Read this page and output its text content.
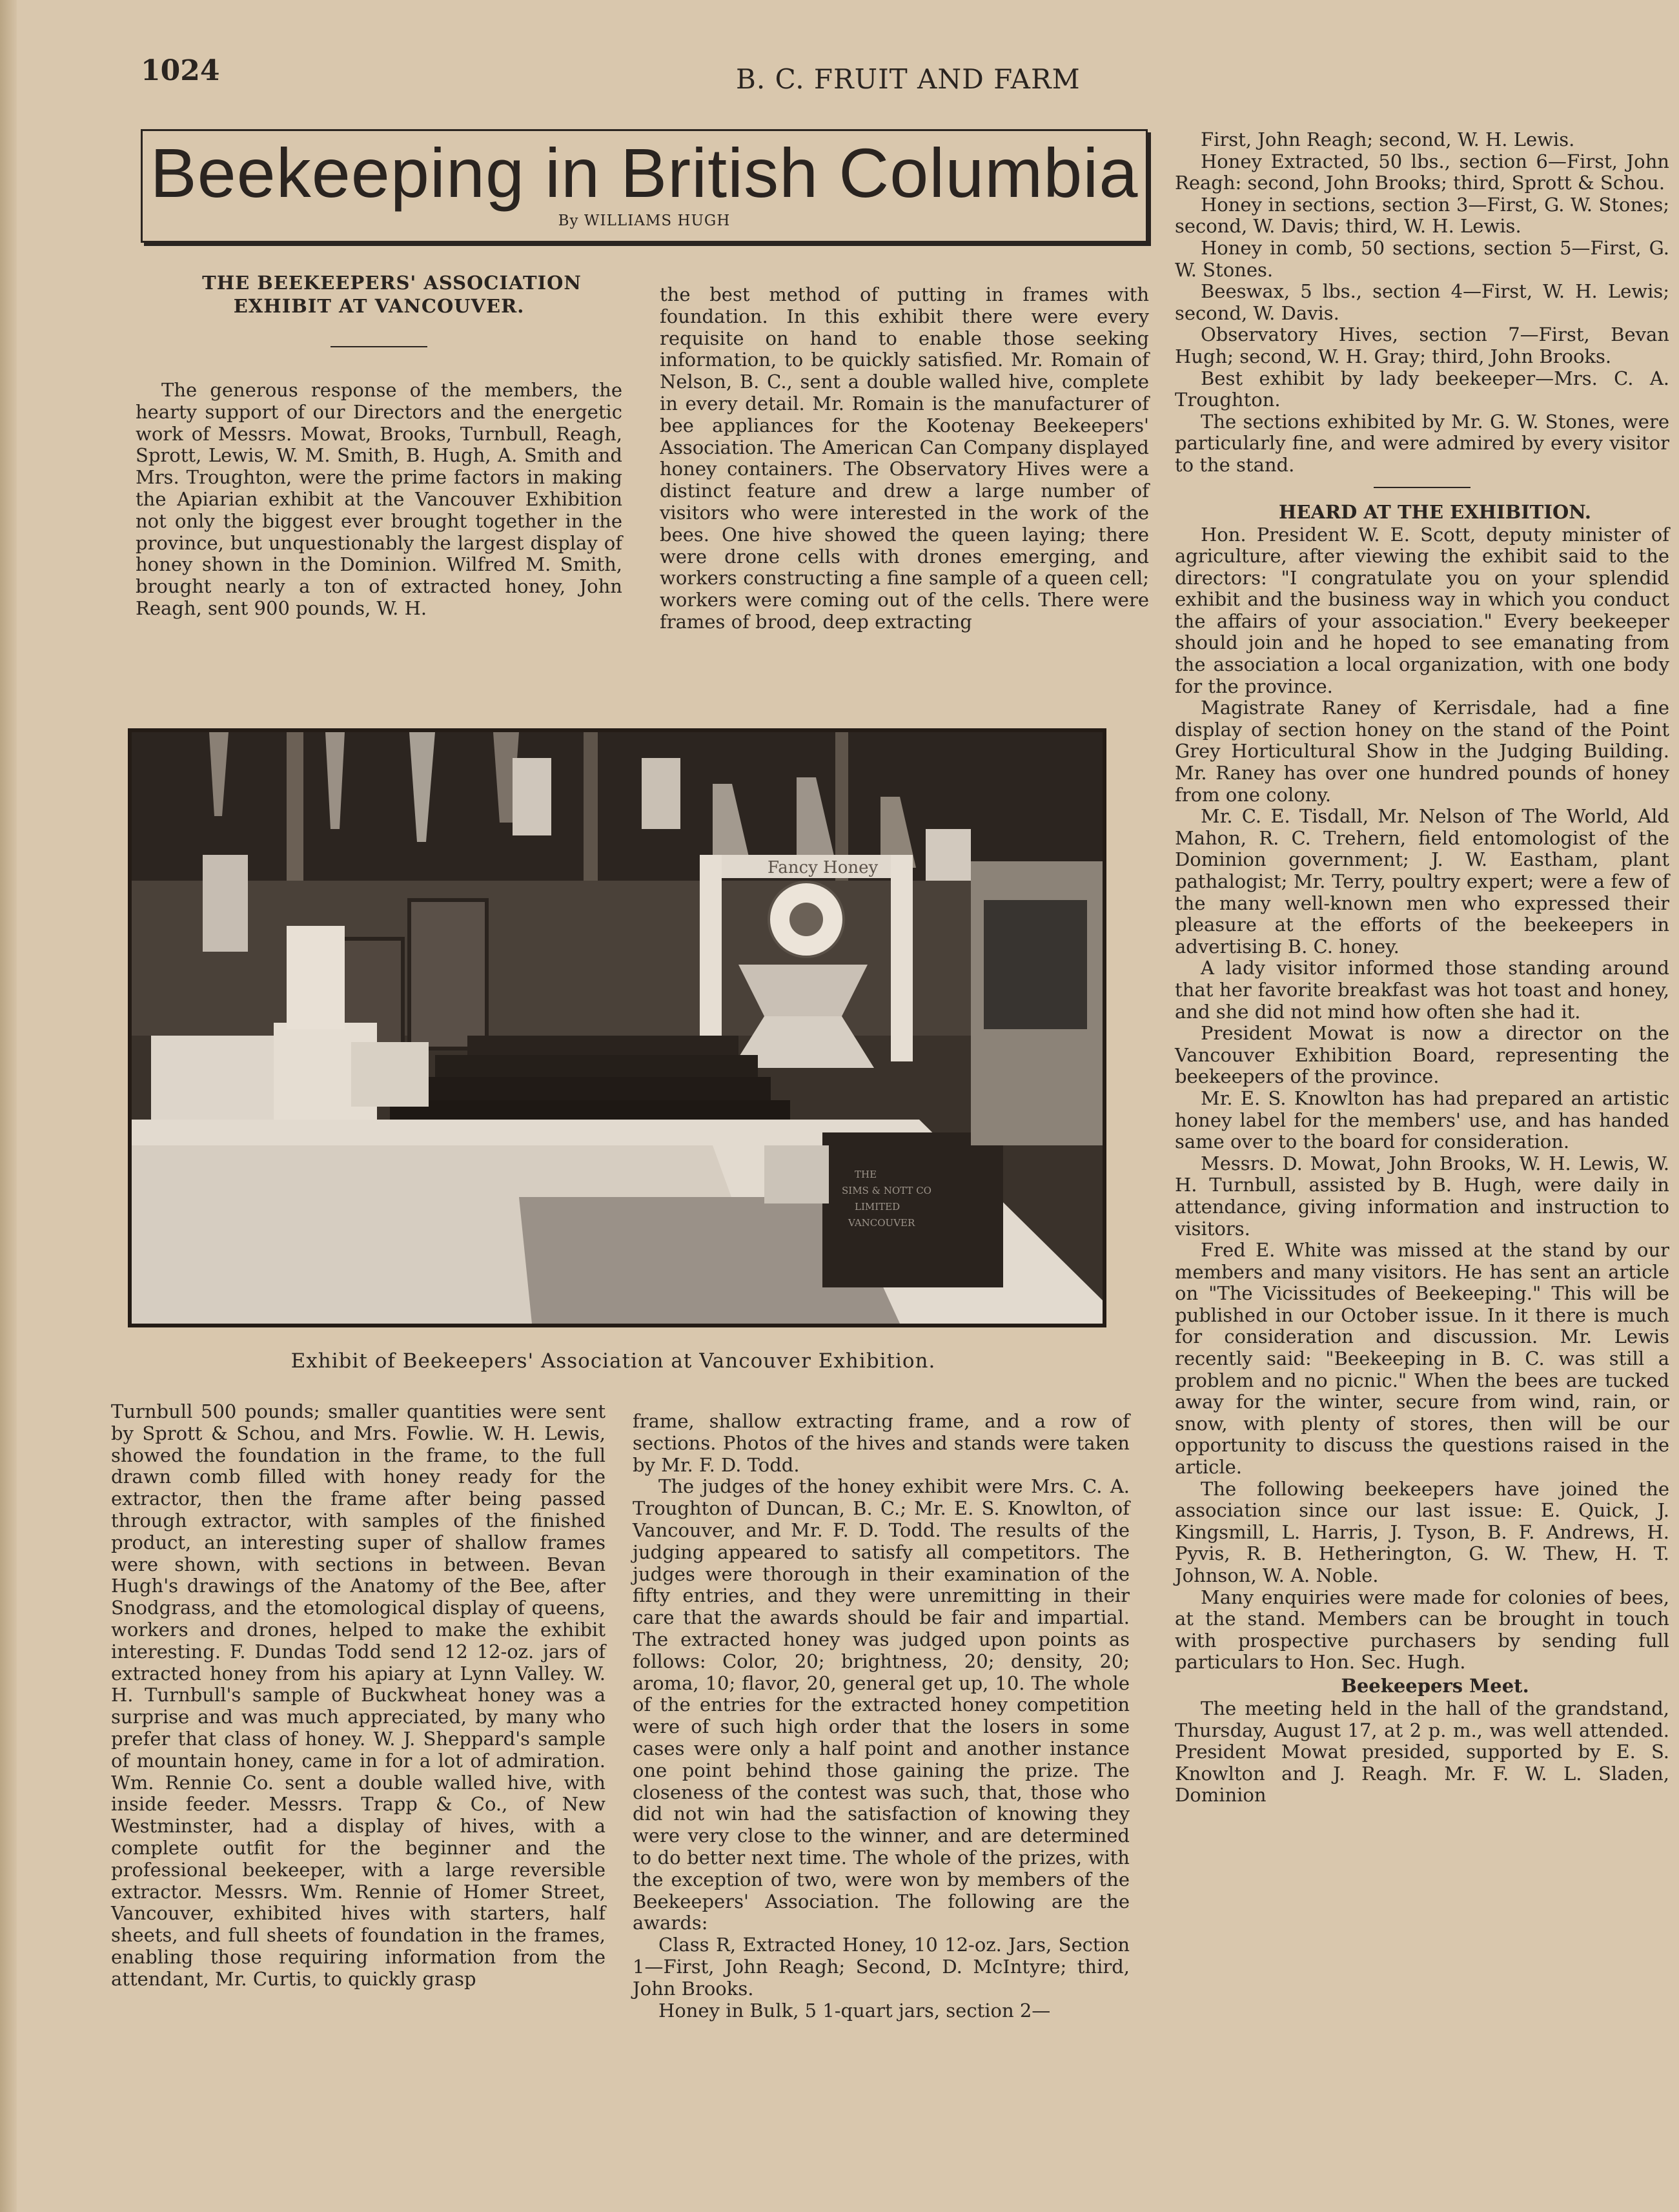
1024	B. C. FRUIT AND FARM
Beekeeping in British Columbia
By WILLIAMS HUGH

THE BEEKEEPERS' ASSOCIATION EXHIBIT AT VANCOUVER.

The generous response of the members, the hearty support of our Directors and the energetic work of Messrs. Mowat, Brooks, Turnbull, Reagh, Sprott, Lewis, W. M. Smith, B. Hugh, A. Smith and Mrs. Troughton, were the prime factors in making the Apiarian exhibit at the Vancouver Exhibition not only the biggest ever brought together in the province, but unquestionably the largest display of honey shown in the Dominion. Wilfred M. Smith, brought nearly a ton of extracted honey, John Reagh, sent 900 pounds, W. H.

the best method of putting in frames with foundation. In this exhibit there were every requisite on hand to enable those seeking information, to be quickly satisfied. Mr. Romain of Nelson, B. C., sent a double walled hive, complete in every detail. Mr. Romain is the manufacturer of bee appliances for the Kootenay Beekeepers' Association. The American Can Company displayed honey containers. The Observatory Hives were a distinct feature and drew a large number of visitors who were interested in the work of the bees. One hive showed the queen laying; there were drone cells with drones emerging, and workers constructing a fine sample of a queen cell; workers were coming out of the cells. There were frames of brood, deep extracting

Fancy Honey
THE
SIMS & NOTT CO
LIMITED
VANCOUVER
Exhibit of Beekeepers' Association at Vancouver Exhibition.

Turnbull 500 pounds; smaller quantities were sent by Sprott & Schou, and Mrs. Fowlie. W. H. Lewis, showed the foundation in the frame, to the full drawn comb filled with honey ready for the extractor, then the frame after being passed through extractor, with samples of the finished product, an interesting super of shallow frames were shown, with sections in between. Bevan Hugh's drawings of the Anatomy of the Bee, after Snodgrass, and the etomological display of queens, workers and drones, helped to make the exhibit interesting. F. Dundas Todd send 12 12-oz. jars of extracted honey from his apiary at Lynn Valley. W. H. Turnbull's sample of Buckwheat honey was a surprise and was much appreciated, by many who prefer that class of honey. W. J. Sheppard's sample of mountain honey, came in for a lot of admiration. Wm. Rennie Co. sent a double walled hive, with inside feeder. Messrs. Trapp & Co., of New Westminster, had a display of hives, with a complete outfit for the beginner and the professional beekeeper, with a large reversible extractor. Messrs. Wm. Rennie of Homer Street, Vancouver, exhibited hives with starters, half sheets, and full sheets of foundation in the frames, enabling those requiring information from the attendant, Mr. Curtis, to quickly grasp

frame, shallow extracting frame, and a row of sections. Photos of the hives and stands were taken by Mr. F. D. Todd.

The judges of the honey exhibit were Mrs. C. A. Troughton of Duncan, B. C.; Mr. E. S. Knowlton, of Vancouver, and Mr. F. D. Todd. The results of the judging appeared to satisfy all competitors. The judges were thorough in their examination of the fifty entries, and they were unremitting in their care that the awards should be fair and impartial. The extracted honey was judged upon points as follows: Color, 20; brightness, 20; density, 20; aroma, 10; flavor, 20, general get up, 10. The whole of the entries for the extracted honey competition were of such high order that the losers in some cases were only a half point and another instance one point behind those gaining the prize. The closeness of the contest was such, that, those who did not win had the satisfaction of knowing they were very close to the winner, and are determined to do better next time. The whole of the prizes, with the exception of two, were won by members of the Beekeepers' Association. The following are the awards:

Class R, Extracted Honey, 10 12-oz. Jars, Section 1—First, John Reagh; Second, D. McIntyre; third, John Brooks.

Honey in Bulk, 5 1-quart jars, section 2—

First, John Reagh; second, W. H. Lewis.

Honey Extracted, 50 lbs., section 6—First, John Reagh: second, John Brooks; third, Sprott & Schou.

Honey in sections, section 3—First, G. W. Stones; second, W. Davis; third, W. H. Lewis.

Honey in comb, 50 sections, section 5—First, G. W. Stones.

Beeswax, 5 lbs., section 4—First, W. H. Lewis; second, W. Davis.

Observatory Hives, section 7—First, Bevan Hugh; second, W. H. Gray; third, John Brooks.

Best exhibit by lady beekeeper—Mrs. C. A. Troughton.

The sections exhibited by Mr. G. W. Stones, were particularly fine, and were admired by every visitor to the stand.

HEARD AT THE EXHIBITION.

Hon. President W. E. Scott, deputy minister of agriculture, after viewing the exhibit said to the directors: "I congratulate you on your splendid exhibit and the business way in which you conduct the affairs of your association." Every beekeeper should join and he hoped to see emanating from the association a local organization, with one body for the province.

Magistrate Raney of Kerrisdale, had a fine display of section honey on the stand of the Point Grey Horticultural Show in the Judging Building. Mr. Raney has over one hundred pounds of honey from one colony.

Mr. C. E. Tisdall, Mr. Nelson of The World, Ald Mahon, R. C. Trehern, field entomologist of the Dominion government; J. W. Eastham, plant pathalogist; Mr. Terry, poultry expert; were a few of the many well-known men who expressed their pleasure at the efforts of the beekeepers in advertising B. C. honey.

A lady visitor informed those standing around that her favorite breakfast was hot toast and honey, and she did not mind how often she had it.

President Mowat is now a director on the Vancouver Exhibition Board, representing the beekeepers of the province.

Mr. E. S. Knowlton has had prepared an artistic honey label for the members' use, and has handed same over to the board for consideration.

Messrs. D. Mowat, John Brooks, W. H. Lewis, W. H. Turnbull, assisted by B. Hugh, were daily in attendance, giving information and instruction to visitors.

Fred E. White was missed at the stand by our members and many visitors. He has sent an article on "The Vicissitudes of Beekeeping." This will be published in our October issue. In it there is much for consideration and discussion. Mr. Lewis recently said: "Beekeeping in B. C. was still a problem and no picnic." When the bees are tucked away for the winter, secure from wind, rain, or snow, with plenty of stores, then will be our opportunity to discuss the questions raised in the article.

The following beekeepers have joined the association since our last issue: E. Quick, J. Kingsmill, L. Harris, J. Tyson, B. F. Andrews, H. Pyvis, R. B. Hetherington, G. W. Thew, H. T. Johnson, W. A. Noble.

Many enquiries were made for colonies of bees, at the stand. Members can be brought in touch with prospective purchasers by sending full particulars to Hon. Sec. Hugh.

Beekeepers Meet.

The meeting held in the hall of the grandstand, Thursday, August 17, at 2 p. m., was well attended. President Mowat presided, supported by E. S. Knowlton and J. Reagh. Mr. F. W. L. Sladen, Dominion
